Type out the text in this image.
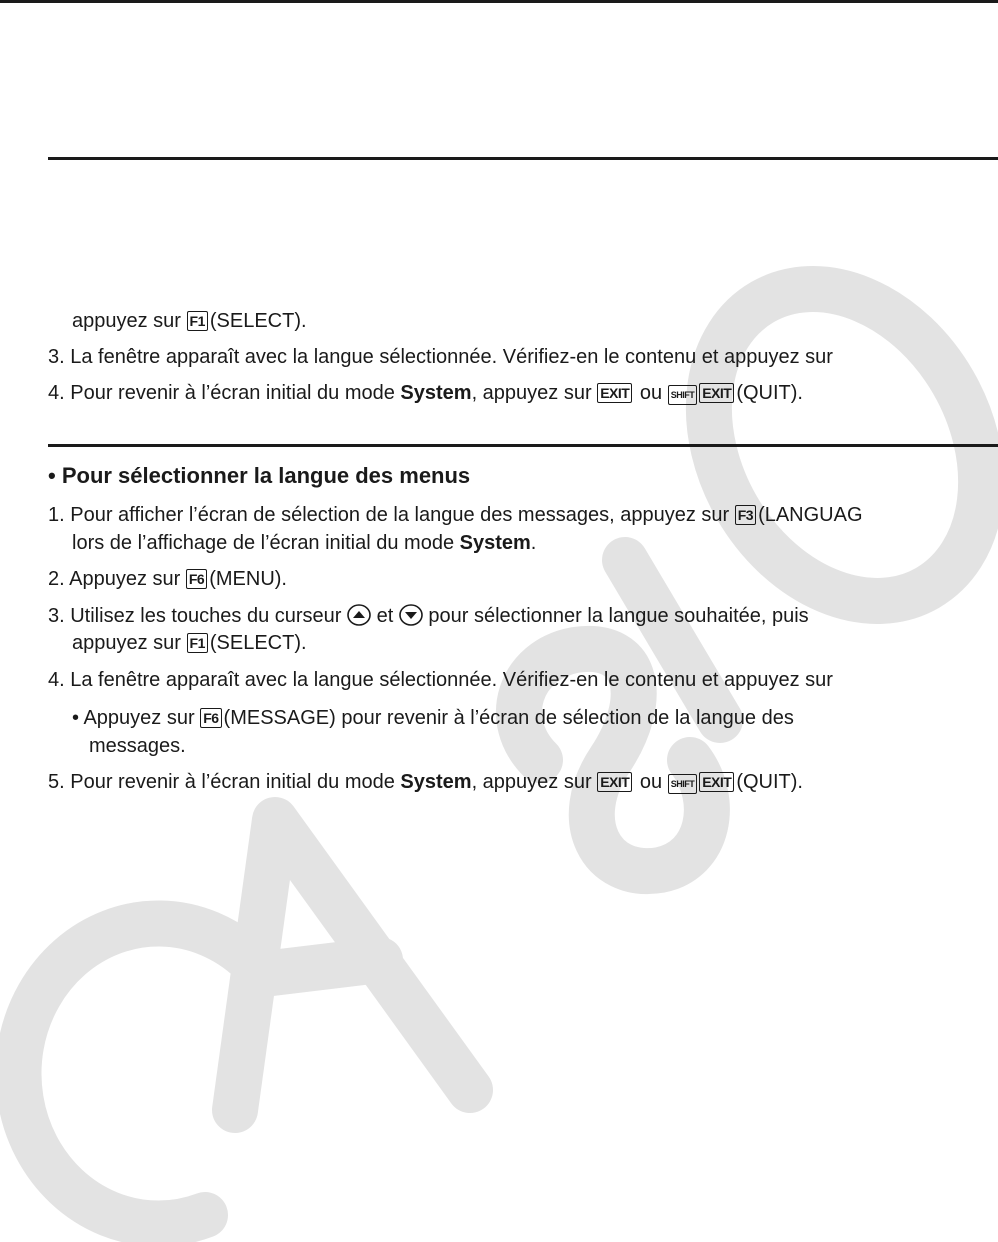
appuyez sur F1 (SELECT).
3. La fenêtre apparaît avec la langue sélectionnée. Vérifiez-en le contenu et appuyez sur
4. Pour revenir à l’écran initial du mode System, appuyez sur EXIT ou SHIFT EXIT (QUIT).
• Pour sélectionner la langue des menus
1. Pour afficher l’écran de sélection de la langue des messages, appuyez sur F3 (LANGUAG
lors de l’affichage de l’écran initial du mode System.
2. Appuyez sur F6 (MENU).
3. Utilisez les touches du curseur et pour sélectionner la langue souhaitée, puis
appuyez sur F1 (SELECT).
4. La fenêtre apparaît avec la langue sélectionnée. Vérifiez-en le contenu et appuyez sur
• Appuyez sur F6 (MESSAGE) pour revenir à l’écran de sélection de la langue des
messages.
5. Pour revenir à l’écran initial du mode System, appuyez sur EXIT ou SHIFT EXIT (QUIT).
